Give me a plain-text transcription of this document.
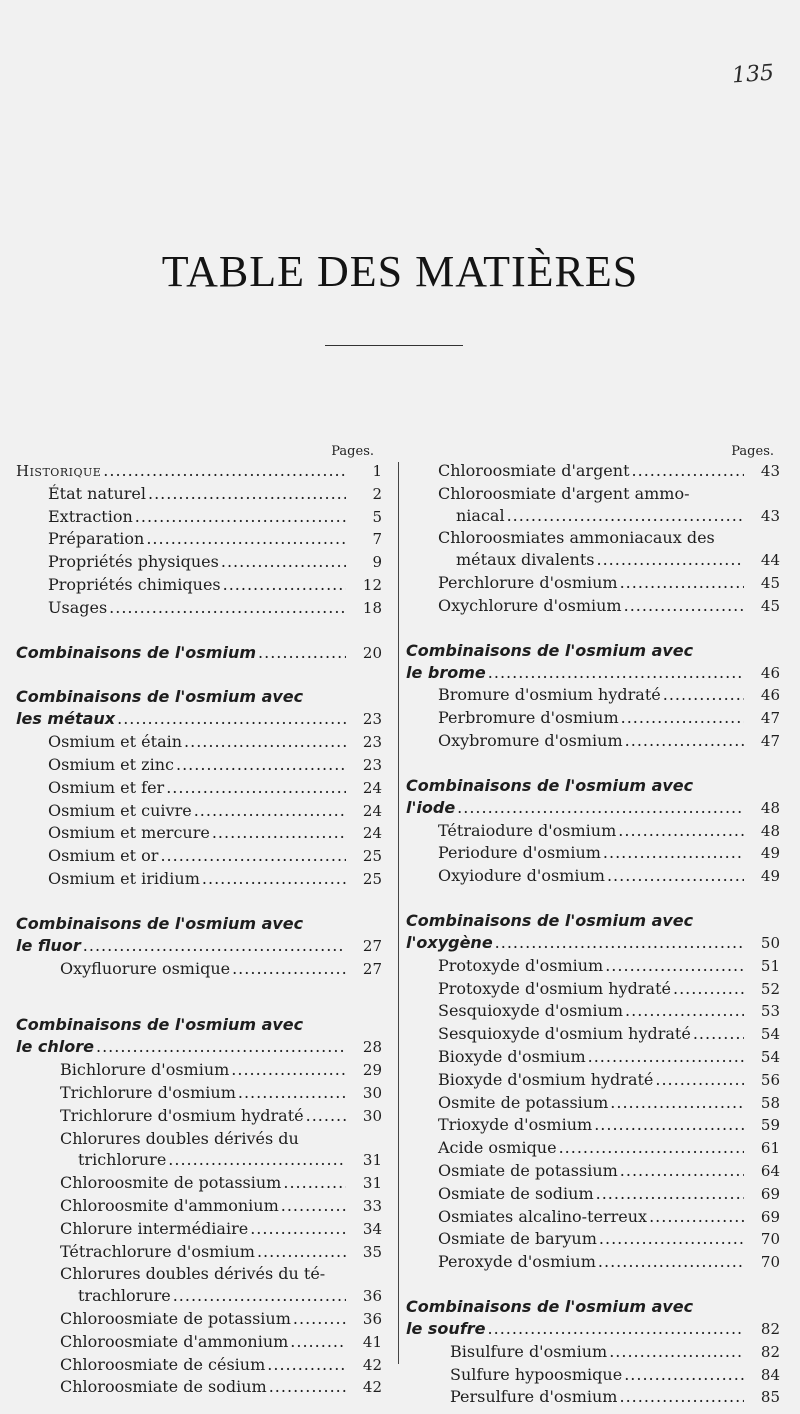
135
TABLE DES MATIÈRES
Pages.
Historique .....	1
État naturel .....	2
Extraction .....	5
Préparation .....	7
Propriétés physiques .....	9
Propriétés chimiques .....	12
Usages .....	18
Combinaisons de l'osmium .....	20
Combinaisons de l'osmium avec
les métaux .....	23
Osmium et étain .....	23
Osmium et zinc .....	23
Osmium et fer .....	24
Osmium et cuivre .....	24
Osmium et mercure .....	24
Osmium et or .....	25
Osmium et iridium .....	25
Combinaisons de l'osmium avec
le fluor .....	27
Oxyfluorure osmique .....	27
Combinaisons de l'osmium avec
le chlore .....	28
Bichlorure d'osmium .....	29
Trichlorure d'osmium .....	30
Trichlorure d'osmium hydraté .....	30
Chlorures doubles dérivés du
trichlorure .....	31
Chloroosmite de potassium .....	31
Chloroosmite d'ammonium .....	33
Chlorure intermédiaire .....	34
Tétrachlorure d'osmium .....	35
Chlorures doubles dérivés du té-
trachlorure .....	36
Chloroosmiate de potassium .....	36
Chloroosmiate d'ammonium .....	41
Chloroosmiate de césium .....	42
Chloroosmiate de sodium .....	42
Pages.
Chloroosmiate d'argent .....	43
Chloroosmiate d'argent ammo-
niacal .....	43
Chloroosmiates ammoniacaux des
métaux divalents .....	44
Perchlorure d'osmium .....	45
Oxychlorure d'osmium .....	45
Combinaisons de l'osmium avec
le brome .....	46
Bromure d'osmium hydraté .....	46
Perbromure d'osmium .....	47
Oxybromure d'osmium .....	47
Combinaisons de l'osmium avec
l'iode .....	48
Tétraiodure d'osmium .....	48
Periodure d'osmium .....	49
Oxyiodure d'osmium .....	49
Combinaisons de l'osmium avec
l'oxygène .....	50
Protoxyde d'osmium .....	51
Protoxyde d'osmium hydraté .....	52
Sesquioxyde d'osmium .....	53
Sesquioxyde d'osmium hydraté .....	54
Bioxyde d'osmium .....	54
Bioxyde d'osmium hydraté .....	56
Osmite de potassium .....	58
Trioxyde d'osmium .....	59
Acide osmique .....	61
Osmiate de potassium .....	64
Osmiate de sodium .....	69
Osmiates alcalino-terreux .....	69
Osmiate de baryum .....	70
Peroxyde d'osmium .....	70
Combinaisons de l'osmium avec
le soufre .....	82
Bisulfure d'osmium .....	82
Sulfure hypoosmique .....	84
Persulfure d'osmium .....	85
